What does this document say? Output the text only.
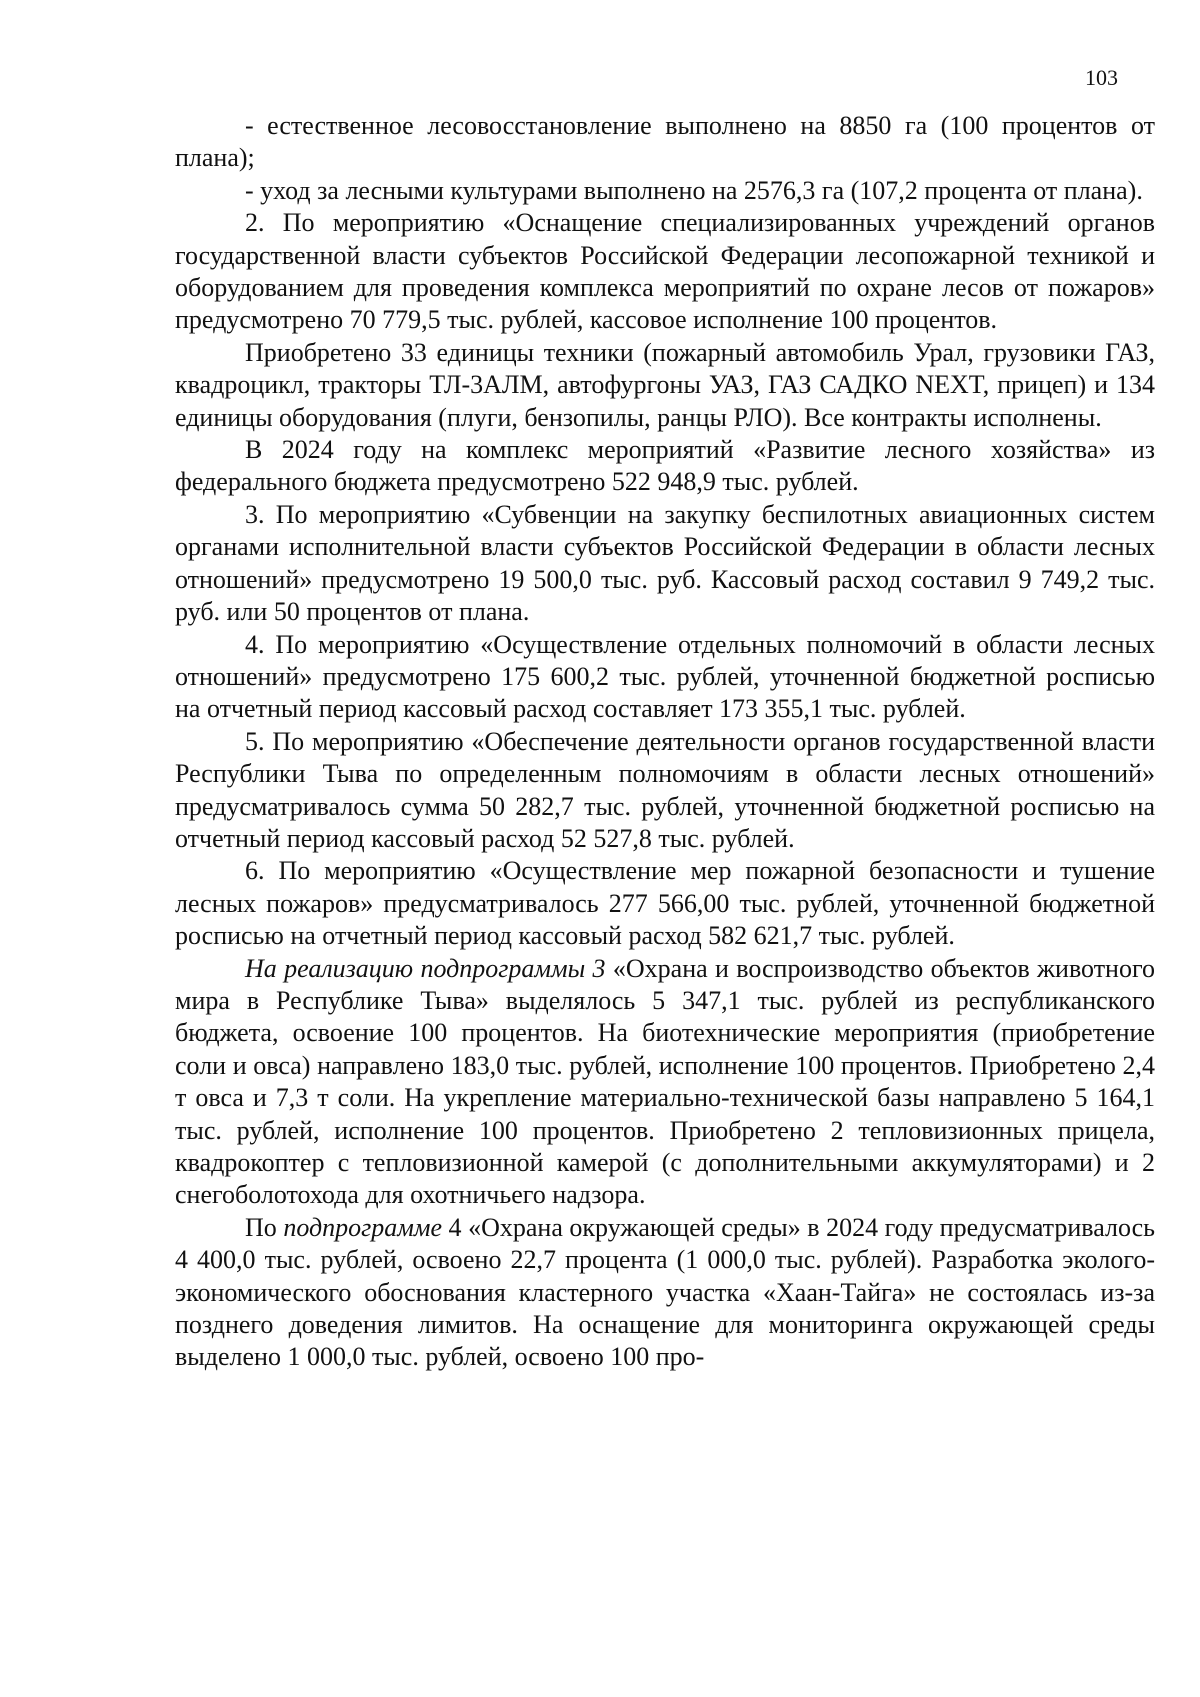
103

- естественное лесовосстановление выполнено на 8850 га (100 процентов от плана);

- уход за лесными культурами выполнено на 2576,3 га (107,2 процента от плана).

2. По мероприятию «Оснащение специализированных учреждений органов государственной власти субъектов Российской Федерации лесопожарной техникой и оборудованием для проведения комплекса мероприятий по охране лесов от пожаров» предусмотрено 70 779,5 тыс. рублей, кассовое исполнение 100 процентов.

Приобретено 33 единицы техники (пожарный автомобиль Урал, грузовики ГАЗ, квадроцикл, тракторы ТЛ-3АЛМ, автофургоны УАЗ, ГАЗ САДКО NEXT, прицеп) и 134 единицы оборудования (плуги, бензопилы, ранцы РЛО). Все контракты исполнены.

В 2024 году на комплекс мероприятий «Развитие лесного хозяйства» из федерального бюджета предусмотрено 522 948,9 тыс. рублей.

3. По мероприятию «Субвенции на закупку беспилотных авиационных систем органами исполнительной власти субъектов Российской Федерации в области лесных отношений» предусмотрено 19 500,0 тыс. руб. Кассовый расход составил 9 749,2 тыс. руб. или 50 процентов от плана.

4. По мероприятию «Осуществление отдельных полномочий в области лесных отношений» предусмотрено 175 600,2 тыс. рублей, уточненной бюджетной росписью на отчетный период кассовый расход составляет 173 355,1 тыс. рублей.

5. По мероприятию «Обеспечение деятельности органов государственной власти Республики Тыва по определенным полномочиям в области лесных отношений» предусматривалось сумма 50 282,7 тыс. рублей, уточненной бюджетной росписью на отчетный период кассовый расход 52 527,8 тыс. рублей.

6. По мероприятию «Осуществление мер пожарной безопасности и тушение лесных пожаров» предусматривалось 277 566,00 тыс. рублей, уточненной бюджетной росписью на отчетный период кассовый расход 582 621,7 тыс. рублей.

На реализацию подпрограммы 3 «Охрана и воспроизводство объектов животного мира в Республике Тыва» выделялось 5 347,1 тыс. рублей из республиканского бюджета, освоение 100 процентов. На биотехнические мероприятия (приобретение соли и овса) направлено 183,0 тыс. рублей, исполнение 100 процентов. Приобретено 2,4 т овса и 7,3 т соли. На укрепление материально-технической базы направлено 5 164,1 тыс. рублей, исполнение 100 процентов. Приобретено 2 тепловизионных прицела, квадрокоптер с тепловизионной камерой (с дополнительными аккумуляторами) и 2 снегоболотохода для охотничьего надзора.

По подпрограмме 4 «Охрана окружающей среды» в 2024 году предусматривалось 4 400,0 тыс. рублей, освоено 22,7 процента (1 000,0 тыс. рублей). Разработка эколого-экономического обоснования кластерного участка «Хаан-Тайга» не состоялась из-за позднего доведения лимитов. На оснащение для мониторинга окружающей среды выделено 1 000,0 тыс. рублей, освоено 100 про-
